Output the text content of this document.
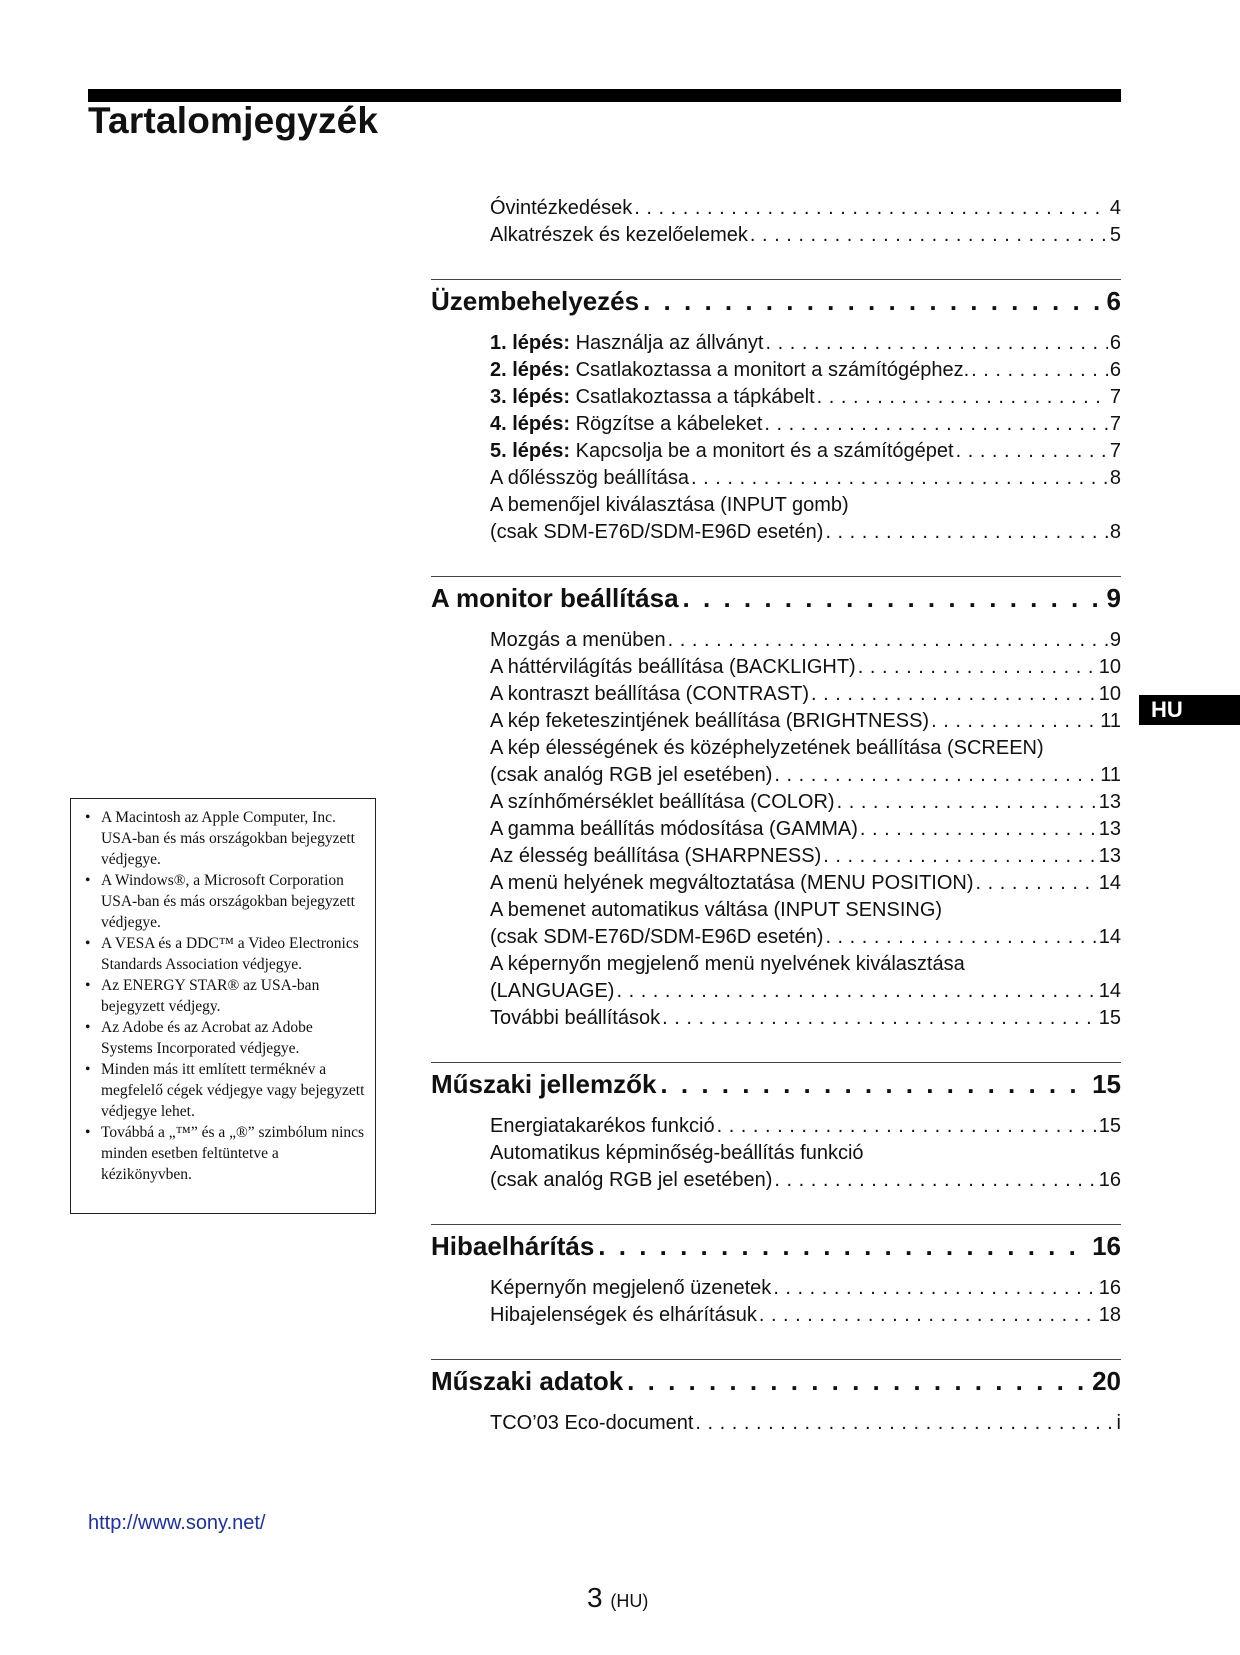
Tartalomjegyzék
Óvintézkedések . . .	4
Alkatrészek és kezelőelemek . . .	5
Üzembehelyezés . . .	6
1. lépés: Használja az állványt . . .	6
2. lépés: Csatlakoztassa a monitort a számítógéphez. . . .	6
3. lépés: Csatlakoztassa a tápkábelt . . .	7
4. lépés: Rögzítse a kábeleket . . .	7
5. lépés: Kapcsolja be a monitort és a számítógépet . . .	7
A dőlésszög beállítása . . .	8
A bemenőjel kiválasztása (INPUT gomb)
(csak SDM-E76D/SDM-E96D esetén) . . .	8
A monitor beállítása . . .	9
Mozgás a menüben . . .	9
A háttérvilágítás beállítása (BACKLIGHT) . . .	10
A kontraszt beállítása (CONTRAST) . . .	10
A kép feketeszintjének beállítása (BRIGHTNESS) . . .	11
A kép élességének és középhelyzetének beállítása (SCREEN)
(csak analóg RGB jel esetében) . . .	11
A színhőmérséklet beállítása (COLOR) . . .	13
A gamma beállítás módosítása (GAMMA) . . .	13
Az élesség beállítása (SHARPNESS) . . .	13
A menü helyének megváltoztatása (MENU POSITION) . . .	14
A bemenet automatikus váltása (INPUT SENSING)
(csak SDM-E76D/SDM-E96D esetén) . . .	14
A képernyőn megjelenő menü nyelvének kiválasztása
(LANGUAGE) . . .	14
További beállítások . . .	15
Műszaki jellemzők . . .	15
Energiatakarékos funkció . . .	15
Automatikus képminőség-beállítás funkció
(csak analóg RGB jel esetében) . . .	16
Hibaelhárítás . . .	16
Képernyőn megjelenő üzenetek . . .	16
Hibajelenségek és elhárításuk . . .	18
Műszaki adatok . . .	20
TCO’03 Eco-document . . .	i
HU
• A Macintosh az Apple Computer, Inc. USA-ban és más országokban bejegyzett védjegye.
• A Windows®, a Microsoft Corporation USA-ban és más országokban bejegyzett védjegye.
• A VESA és a DDC™ a Video Electronics Standards Association védjegye.
• Az ENERGY STAR® az USA-ban bejegyzett védjegy.
• Az Adobe és az Acrobat az Adobe Systems Incorporated védjegye.
• Minden más itt említett terméknév a megfelelő cégek védjegye vagy bejegyzett védjegye lehet.
• Továbbá a „™” és a „®” szimbólum nincs minden esetben feltüntetve a kézikönyvben.
http://www.sony.net/
3 (HU)
